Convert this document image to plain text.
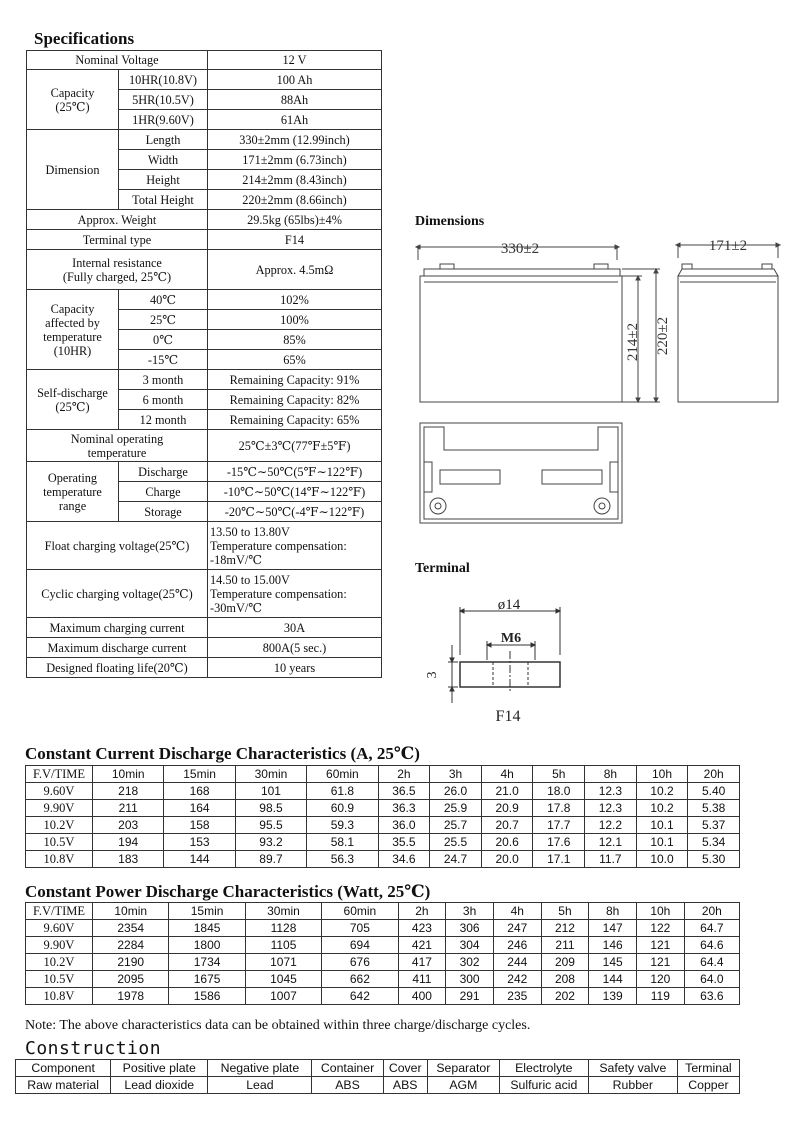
Specifications
Nominal Voltage		12 V

Capacity
(25℃)	10HR(10.8V)	100 Ah
	5HR(10.5V)	88Ah
	1HR(9.60V)	61Ah
Dimension	Length	330±2mm (12.99inch)
	Width	171±2mm (6.73inch)
	Height	214±2mm (8.43inch)
	Total Height	220±2mm (8.66inch)
Approx. Weight		29.5kg (65lbs)±4%
Terminal type		F14

Internal resistance
(Fully charged, 25℃)		Approx. 4.5mΩ

Capacity
affected by
temperature
(10HR)	40℃	102%
	25℃	100%
	0℃	85%
	-15℃	65%

Self-discharge
(25℃)	3 month	Remaining Capacity: 91%
	6 month	Remaining Capacity: 82%
	12 month	Remaining Capacity: 65%

Nominal operating
temperature		25℃±3℃(77℉±5℉)

Operating
temperature
range	Discharge	-15℃∼50℃(5℉∼122℉)
	Charge	-10℃∼50℃(14℉∼122℉)
	Storage	-20℃∼50℃(-4℉∼122℉)
Float charging voltage(25℃)		13.50 to 13.80V
Temperature compensation:
-18mV/℃

Cyclic charging voltage(25℃)		14.50 to 15.00V
Temperature compensation:
-30mV/℃

Maximum charging current		30A
Maximum discharge current		800A(5 sec.)
Designed floating life(20℃)		10 years
Dimensions
330±2	171±2
214±2 220±2
Terminal
ø14
M6
3
F14
Constant Current Discharge Characteristics (A, 25℃)
F.V/TIME	10min	15min	30min	60min	2h	3h	4h	5h	8h	10h	20h
9.60V	218	168	101	61.8	36.5	26.0	21.0	18.0	12.3	10.2	5.40
9.90V	211	164	98.5	60.9	36.3	25.9	20.9	17.8	12.3	10.2	5.38
10.2V	203	158	95.5	59.3	36.0	25.7	20.7	17.7	12.2	10.1	5.37
10.5V	194	153	93.2	58.1	35.5	25.5	20.6	17.6	12.1	10.1	5.34
10.8V	183	144	89.7	56.3	34.6	24.7	20.0	17.1	11.7	10.0	5.30
Constant Power Discharge Characteristics (Watt, 25℃)
F.V/TIME	10min	15min	30min	60min	2h	3h	4h	5h	8h	10h	20h
9.60V	2354	1845	1128	705	423	306	247	212	147	122	64.7
9.90V	2284	1800	1105	694	421	304	246	211	146	121	64.6
10.2V	2190	1734	1071	676	417	302	244	209	145	121	64.4
10.5V	2095	1675	1045	662	411	300	242	208	144	120	64.0
10.8V	1978	1586	1007	642	400	291	235	202	139	119	63.6
Note: The above characteristics data can be obtained within three charge/discharge cycles.
Construction
Component	Positive plate	Negative plate	Container	Cover	Separator	Electrolyte	Safety valve	Terminal
Raw material	Lead dioxide	Lead	ABS	ABS	AGM	Sulfuric acid	Rubber	Copper
